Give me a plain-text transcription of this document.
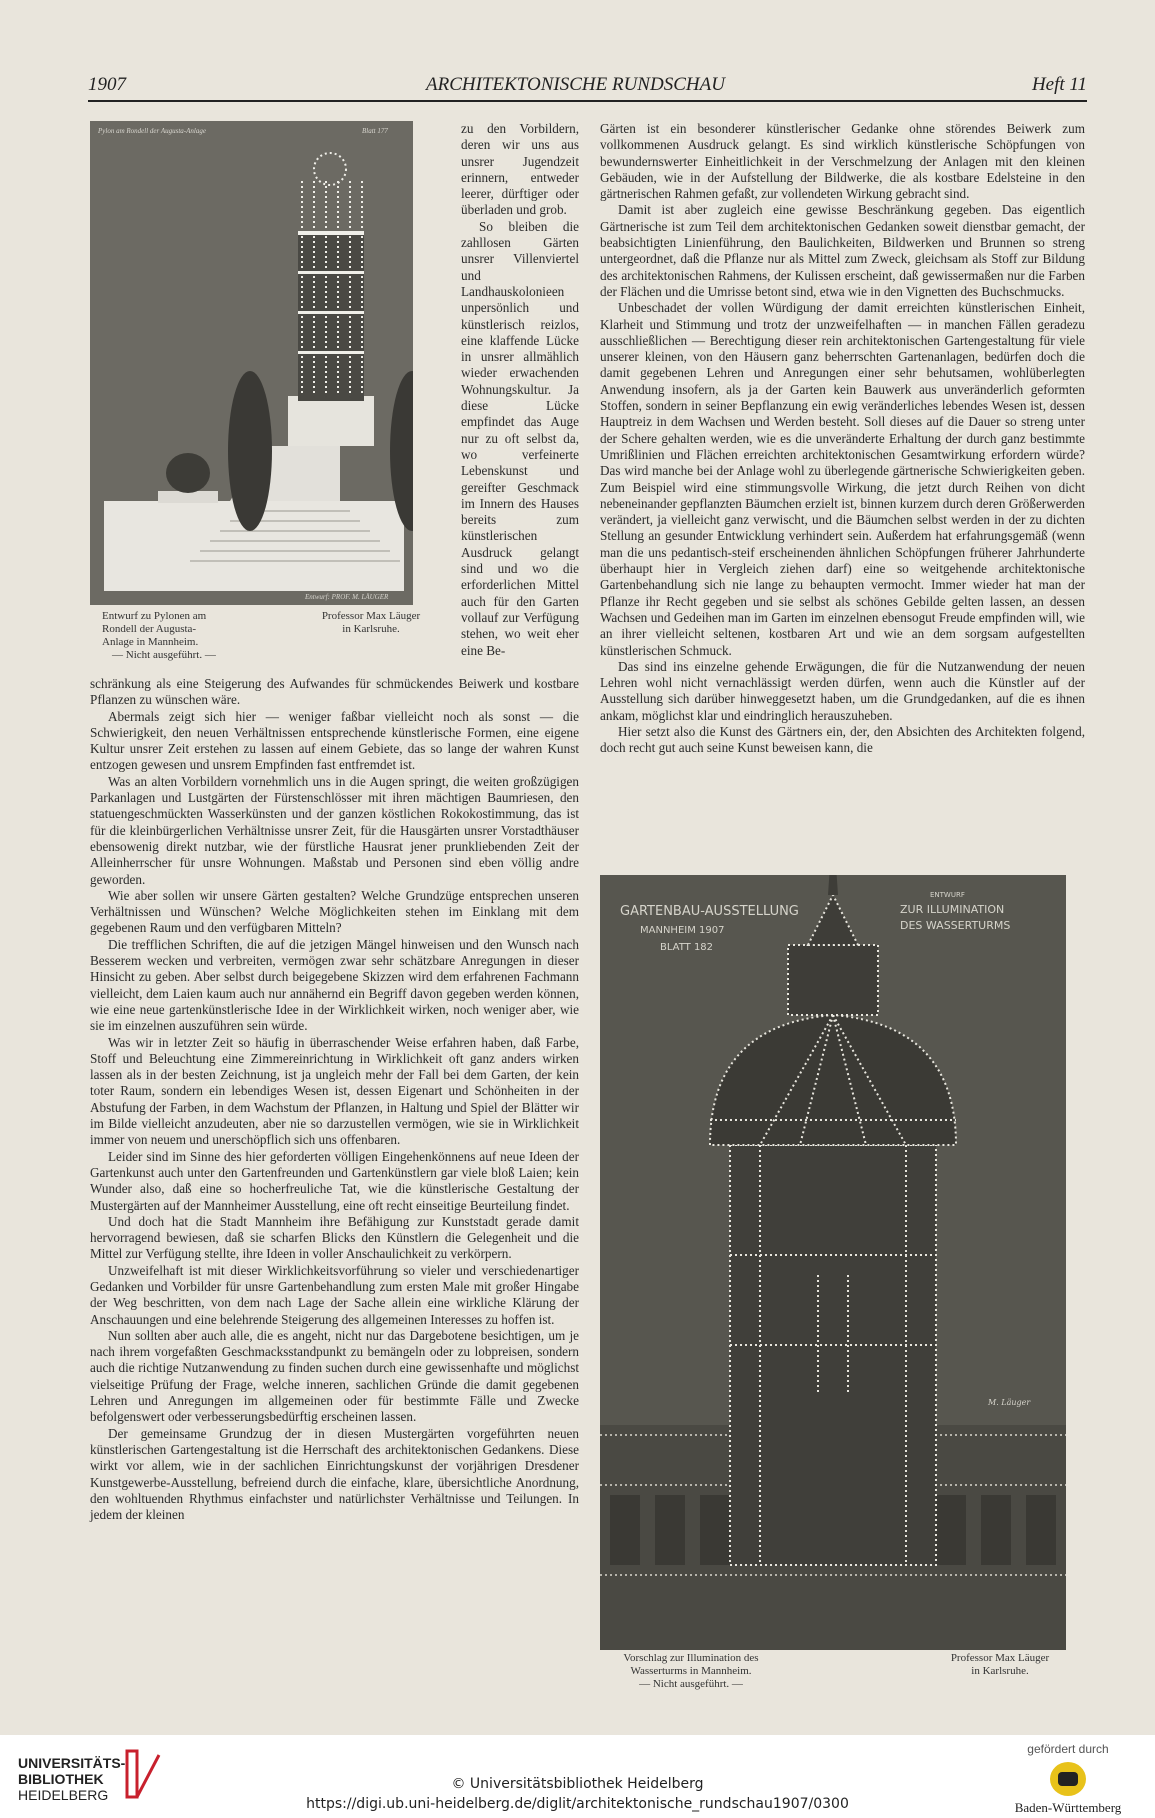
1907	ARCHITEKTONISCHE RUNDSCHAU	Heft 11
Pylon am Rondell der Augusta-Anlage	Blatt 177
Entwurf: PROF. M. LÄUGER
Entwurf zu Pylonen am
Rondell der Augusta-
Anlage in Mannheim.
— Nicht ausgeführt. —
Professor Max Läuger
in Karlsruhe.

zu den Vorbildern, deren wir uns aus unsrer Jugendzeit erinnern, entweder leerer, dürftiger oder überladen und grob.

So bleiben die zahllosen Gärten unsrer Villenviertel und Landhauskolonieen unpersönlich und künstlerisch reizlos, eine klaffende Lücke in unsrer allmählich wieder erwachenden Wohnungskultur. Ja diese Lücke empfindet das Auge nur zu oft selbst da, wo verfeinerte Lebenskunst und gereifter Geschmack im Innern des Hauses bereits zum künstlerischen Ausdruck gelangt sind und wo die erforderlichen Mittel auch für den Garten vollauf zur Verfügung stehen, wo weit eher eine Be-

schränkung als eine Steigerung des Aufwandes für schmückendes Beiwerk und kostbare Pflanzen zu wünschen wäre.

Abermals zeigt sich hier — weniger faßbar vielleicht noch als sonst — die Schwierigkeit, den neuen Verhältnissen entsprechende künstlerische Formen, eine eigene Kultur unsrer Zeit erstehen zu lassen auf einem Gebiete, das so lange der wahren Kunst entzogen gewesen und unsrem Empfinden fast entfremdet ist.

Was an alten Vorbildern vornehmlich uns in die Augen springt, die weiten großzügigen Parkanlagen und Lustgärten der Fürstenschlösser mit ihren mächtigen Baumriesen, den statuengeschmückten Wasserkünsten und der ganzen köstlichen Rokokostimmung, das ist für die kleinbürgerlichen Verhältnisse unsrer Zeit, für die Hausgärten unsrer Vorstadthäuser ebensowenig direkt nutzbar, wie der fürstliche Hausrat jener prunkliebenden Zeit der Alleinherrscher für unsre Wohnungen. Maßstab und Personen sind eben völlig andre geworden.

Wie aber sollen wir unsere Gärten gestalten? Welche Grundzüge entsprechen unseren Verhältnissen und Wünschen? Welche Möglichkeiten stehen im Einklang mit dem gegebenen Raum und den verfügbaren Mitteln?

Die trefflichen Schriften, die auf die jetzigen Mängel hinweisen und den Wunsch nach Besserem wecken und verbreiten, vermögen zwar sehr schätzbare Anregungen in dieser Hinsicht zu geben. Aber selbst durch beigegebene Skizzen wird dem erfahrenen Fachmann vielleicht, dem Laien kaum auch nur annähernd ein Begriff davon gegeben werden können, wie eine neue gartenkünstlerische Idee in der Wirklichkeit wirken, noch weniger aber, wie sie im einzelnen auszuführen sein würde.

Was wir in letzter Zeit so häufig in überraschender Weise erfahren haben, daß Farbe, Stoff und Beleuchtung eine Zimmereinrichtung in Wirklichkeit oft ganz anders wirken lassen als in der besten Zeichnung, ist ja ungleich mehr der Fall bei dem Garten, der kein toter Raum, sondern ein lebendiges Wesen ist, dessen Eigenart und Schönheiten in der Abstufung der Farben, in dem Wachstum der Pflanzen, in Haltung und Spiel der Blätter wir im Bilde vielleicht anzudeuten, aber nie so darzustellen vermögen, wie sie in Wirklichkeit immer von neuem und unerschöpflich sich uns offenbaren.

Leider sind im Sinne des hier geforderten völligen Eingehenkönnens auf neue Ideen der Gartenkunst auch unter den Gartenfreunden und Gartenkünstlern gar viele bloß Laien; kein Wunder also, daß eine so hocherfreuliche Tat, wie die künstlerische Gestaltung der Mustergärten auf der Mannheimer Ausstellung, eine oft recht einseitige Beurteilung findet.

Und doch hat die Stadt Mannheim ihre Befähigung zur Kunststadt gerade damit hervorragend bewiesen, daß sie scharfen Blicks den Künstlern die Gelegenheit und die Mittel zur Verfügung stellte, ihre Ideen in voller Anschaulichkeit zu verkörpern.

Unzweifelhaft ist mit dieser Wirklichkeitsvorführung so vieler und verschiedenartiger Gedanken und Vorbilder für unsre Gartenbehandlung zum ersten Male mit großer Hingabe der Weg beschritten, von dem nach Lage der Sache allein eine wirkliche Klärung der Anschauungen und eine belehrende Steigerung des allgemeinen Interesses zu hoffen ist.

Nun sollten aber auch alle, die es angeht, nicht nur das Dargebotene besichtigen, um je nach ihrem vorgefaßten Geschmacksstandpunkt zu bemängeln oder zu lobpreisen, sondern auch die richtige Nutzanwendung zu finden suchen durch eine gewissenhafte und möglichst vielseitige Prüfung der Frage, welche inneren, sachlichen Gründe die damit gegebenen Lehren und Anregungen im allgemeinen oder für bestimmte Fälle und Zwecke befolgenswert oder verbesserungsbedürftig erscheinen lassen.

Der gemeinsame Grundzug der in diesen Mustergärten vorgeführten neuen künstlerischen Gartengestaltung ist die Herrschaft des architektonischen Gedankens. Diese wirkt vor allem, wie in der sachlichen Einrichtungskunst der vorjährigen Dresdener Kunstgewerbe-Ausstellung, befreiend durch die einfache, klare, übersichtliche Anordnung, den wohltuenden Rhythmus einfachster und natürlichster Verhältnisse und Teilungen. In jedem der kleinen

Gärten ist ein besonderer künstlerischer Gedanke ohne störendes Beiwerk zum vollkommenen Ausdruck gelangt. Es sind wirklich künstlerische Schöpfungen von bewundernswerter Einheitlichkeit in der Verschmelzung der Anlagen mit den kleinen Gebäuden, wie in der Aufstellung der Bildwerke, die als kostbare Edelsteine in den gärtnerischen Rahmen gefaßt, zur vollendeten Wirkung gebracht sind.

Damit ist aber zugleich eine gewisse Beschränkung gegeben. Das eigentlich Gärtnerische ist zum Teil dem architektonischen Gedanken soweit dienstbar gemacht, der beabsichtigten Linienführung, den Baulichkeiten, Bildwerken und Brunnen so streng untergeordnet, daß die Pflanze nur als Mittel zum Zweck, gleichsam als Stoff zur Bildung des architektonischen Rahmens, der Kulissen erscheint, daß gewissermaßen nur die Farben der Flächen und die Umrisse betont sind, etwa wie in den Vignetten des Buchschmucks.

Unbeschadet der vollen Würdigung der damit erreichten künstlerischen Einheit, Klarheit und Stimmung und trotz der unzweifelhaften — in manchen Fällen geradezu ausschließlichen — Berechtigung dieser rein architektonischen Gartengestaltung für viele unserer kleinen, von den Häusern ganz beherrschten Gartenanlagen, bedürfen doch die damit gegebenen Lehren und Anregungen einer sehr behutsamen, wohlüberlegten Anwendung insofern, als ja der Garten kein Bauwerk aus unveränderlich geformten Stoffen, sondern in seiner Bepflanzung ein ewig veränderliches lebendes Wesen ist, dessen Hauptreiz in dem Wachsen und Werden besteht. Soll dieses auf die Dauer so streng unter der Schere gehalten werden, wie es die unveränderte Erhaltung der durch ganz bestimmte Umrißlinien und Flächen erreichten architektonischen Gesamtwirkung erfordern würde? Das wird manche bei der Anlage wohl zu überlegende gärtnerische Schwierigkeiten geben. Zum Beispiel wird eine stimmungsvolle Wirkung, die jetzt durch Reihen von dicht nebeneinander gepflanzten Bäumchen erzielt ist, binnen kurzem durch deren Größerwerden verändert, ja vielleicht ganz verwischt, und die Bäumchen selbst werden in der zu dichten Stellung an gesunder Entwicklung verhindert sein. Außerdem hat erfahrungsgemäß (wenn man die uns pedantisch-steif erscheinenden ähnlichen Schöpfungen früherer Jahrhunderte überhaupt hier in Vergleich ziehen darf) eine so weitgehende architektonische Gartenbehandlung sich nie lange zu behaupten vermocht. Immer wieder hat man der Pflanze ihr Recht gegeben und sie selbst als schönes Gebilde gelten lassen, an dessen Wachsen und Gedeihen man im Garten im einzelnen ebensogut Freude empfinden will, wie an ihrer vielleicht seltenen, kostbaren Art und wie an dem sorgsam aufgestellten künstlerischen Schmuck.

Das sind ins einzelne gehende Erwägungen, die für die Nutzanwendung der neuen Lehren wohl nicht vernachlässigt werden dürfen, wenn auch die Künstler auf der Ausstellung sich darüber hinweggesetzt haben, um die Grundgedanken, auf die es ihnen ankam, möglichst klar und eindringlich herauszuheben.

Hier setzt also die Kunst des Gärtners ein, der, den Absichten des Architekten folgend, doch recht gut auch seine Kunst beweisen kann, die

GARTENBAU-AUSSTELLUNG
MANNHEIM 1907
BLATT 182
ENTWURF
ZUR ILLUMINATION
DES WASSERTURMS
M. Läuger
Vorschlag zur Illumination des
Wasserturms in Mannheim.
— Nicht ausgeführt. —
Professor Max Läuger
in Karlsruhe.
UNIVERSITÄTS-
BIBLIOTHEK
HEIDELBERG
© Universitätsbibliothek Heidelberg
https://digi.ub.uni-heidelberg.de/diglit/architektonische_rundschau1907/0300
gefördert durch
Baden-Württemberg
